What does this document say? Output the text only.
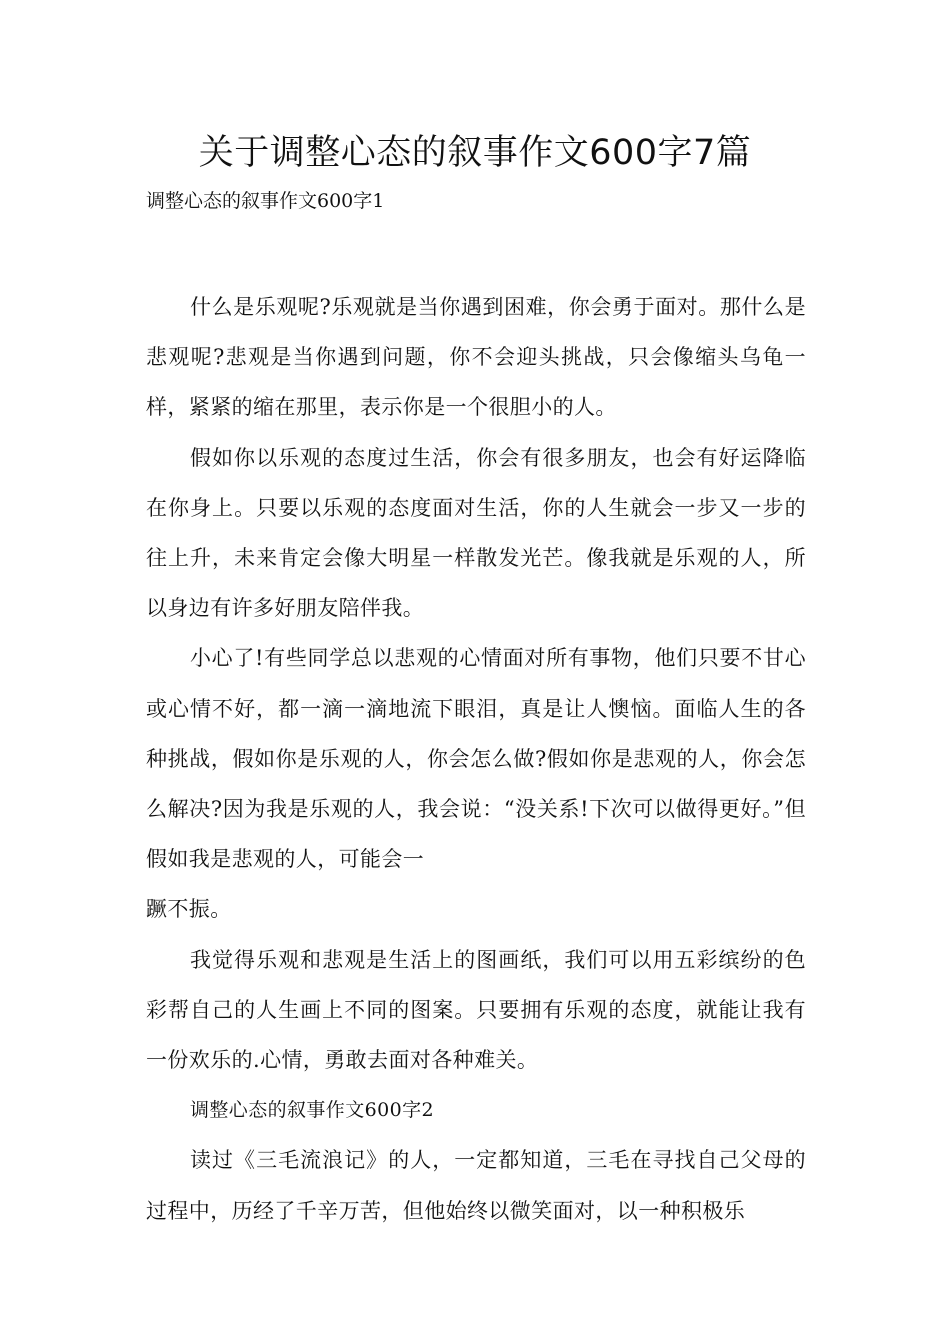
关于调整心态的叙事作文600字7篇

调整心态的叙事作文600字1

什么是乐观呢?乐观就是当你遇到困难，你会勇于面对。那什么是悲观呢?悲观是当你遇到问题，你不会迎头挑战，只会像缩头乌龟一样，紧紧的缩在那里，表示你是一个很胆小的人。

假如你以乐观的态度过生活，你会有很多朋友，也会有好运降临在你身上。只要以乐观的态度面对生活，你的人生就会一步又一步的往上升，未来肯定会像大明星一样散发光芒。像我就是乐观的人，所以身边有许多好朋友陪伴我。

小心了!有些同学总以悲观的心情面对所有事物，他们只要不甘心或心情不好，都一滴一滴地流下眼泪，真是让人懊恼。面临人生的各种挑战，假如你是乐观的人，你会怎么做?假如你是悲观的人，你会怎么解决?因为我是乐观的人，我会说：“没关系!下次可以做得更好。”但假如我是悲观的人，可能会一

蹶不振。

我觉得乐观和悲观是生活上的图画纸，我们可以用五彩缤纷的色彩帮自己的人生画上不同的图案。只要拥有乐观的态度，就能让我有一份欢乐的.心情，勇敢去面对各种难关。

调整心态的叙事作文600字2

读过《三毛流浪记》的人，一定都知道，三毛在寻找自己父母的过程中，历经了千辛万苦，但他始终以微笑面对，以一种积极乐
